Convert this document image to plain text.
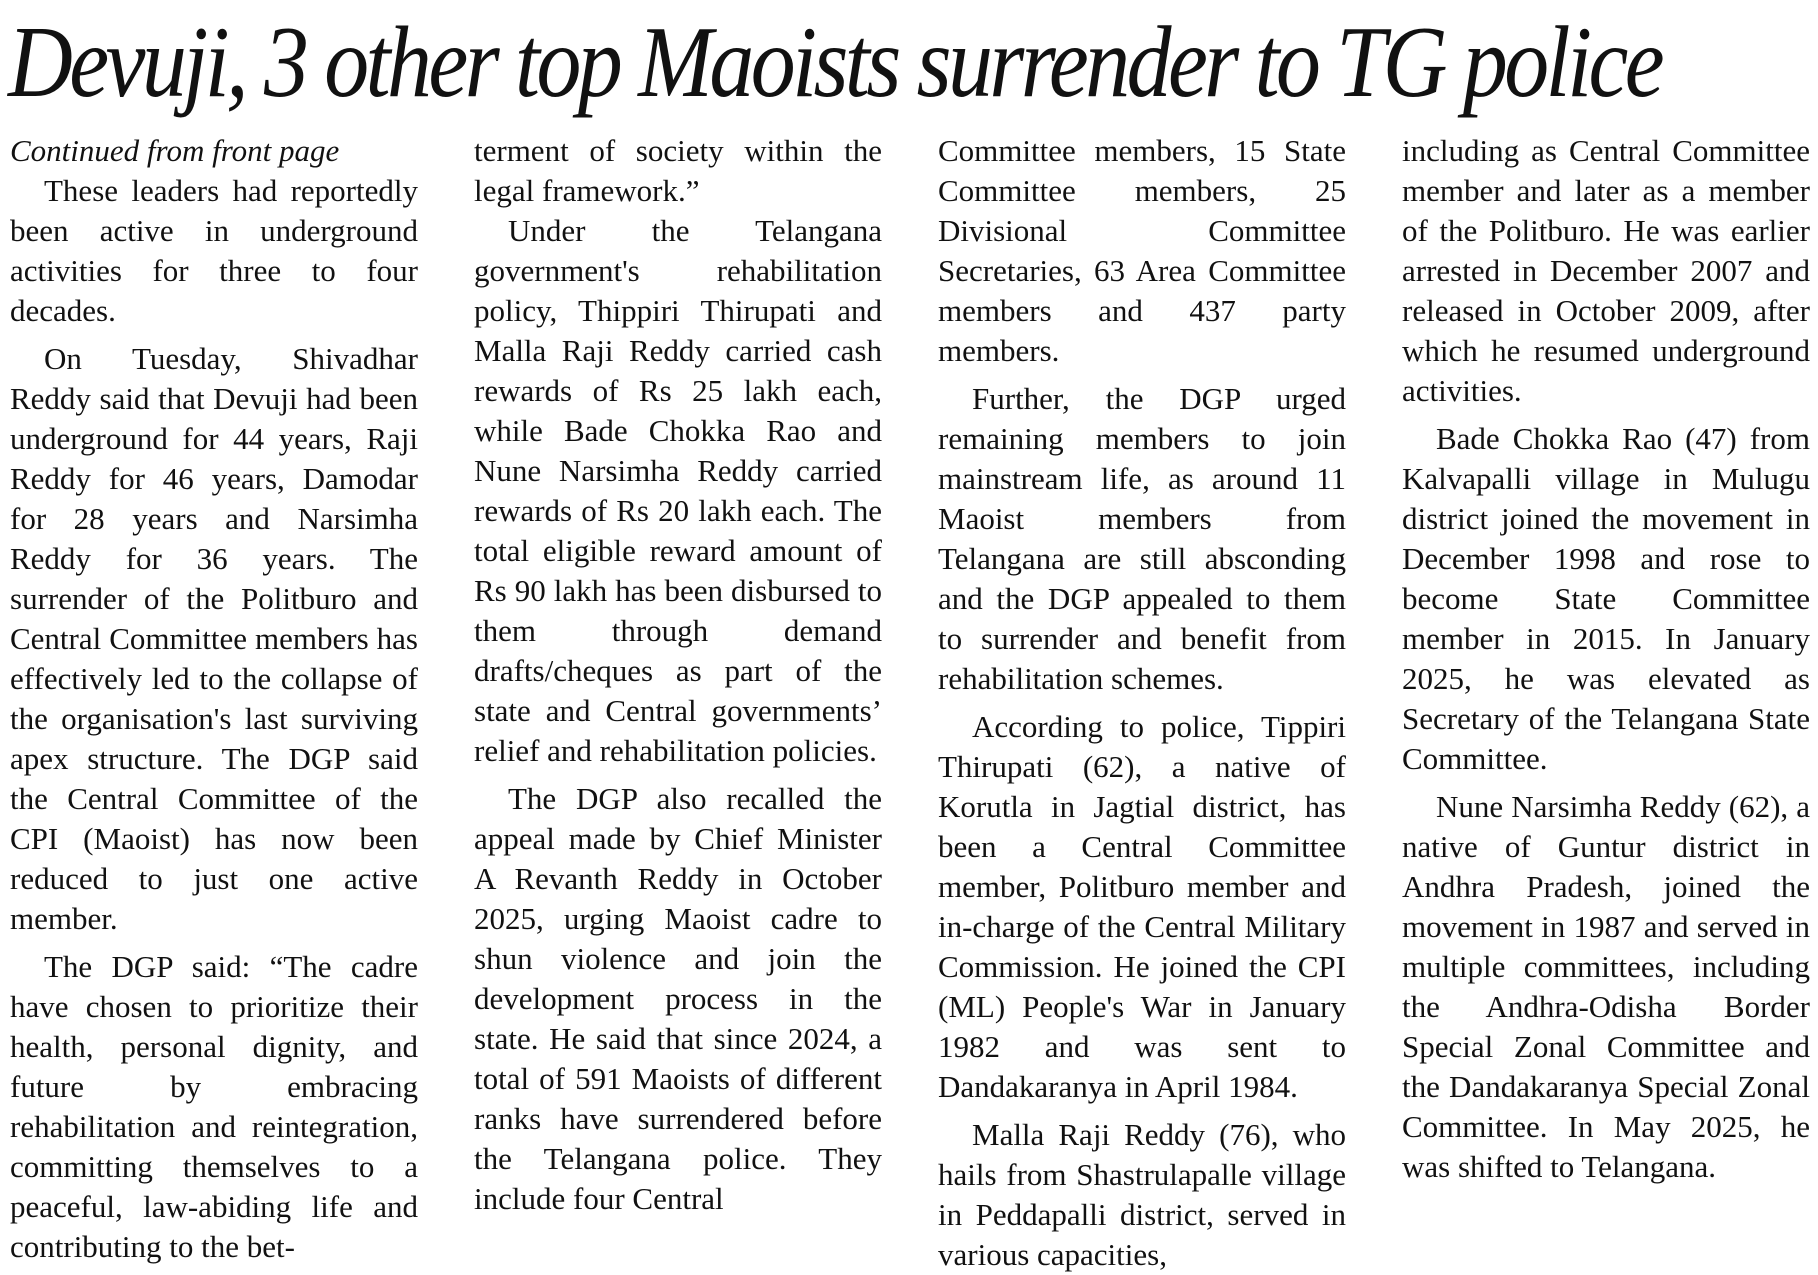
Devuji, 3 other top Maoists surrender to TG police

Continued from front page

These leaders had reportedly been active in underground activities for three to four decades.

On Tuesday, Shivadhar Reddy said that Devuji had been underground for 44 years, Raji Reddy for 46 years, Damodar for 28 years and Narsimha Reddy for 36 years. The surrender of the Politburo and Central Committee members has effectively led to the collapse of the organisation's last surviving apex structure. The DGP said the Central Committee of the CPI (Maoist) has now been reduced to just one active member.

The DGP said: “The cadre have chosen to prioritize their health, personal dignity, and future by embracing rehabilitation and reintegration, committing themselves to a peaceful, law-abiding life and contributing to the bet-

terment of society within the legal framework.”

Under the Telangana government's rehabilitation policy, Thippiri Thirupati and Malla Raji Reddy carried cash rewards of Rs 25 lakh each, while Bade Chokka Rao and Nune Narsimha Reddy carried rewards of Rs 20 lakh each. The total eligible reward amount of Rs 90 lakh has been disbursed to them through demand drafts/cheques as part of the state and Central governments’ relief and rehabilitation policies.

The DGP also recalled the appeal made by Chief Minister A Revanth Reddy in October 2025, urging Maoist cadre to shun violence and join the development process in the state. He said that since 2024, a total of 591 Maoists of different ranks have surrendered before the Telangana police. They include four Central

Committee members, 15 State Committee members, 25 Divisional Committee Secretaries, 63 Area Committee members and 437 party members.

Further, the DGP urged remaining members to join mainstream life, as around 11 Maoist members from Telangana are still absconding and the DGP appealed to them to surrender and benefit from rehabilitation schemes.

According to police, Tippiri Thirupati (62), a native of Korutla in Jagtial district, has been a Central Committee member, Politburo member and in-charge of the Central Military Commission. He joined the CPI (ML) People's War in January 1982 and was sent to Dandakaranya in April 1984.

Malla Raji Reddy (76), who hails from Shastrulapalle village in Peddapalli district, served in various capacities,

including as Central Committee member and later as a member of the Politburo. He was earlier arrested in December 2007 and released in October 2009, after which he resumed underground activities.

Bade Chokka Rao (47) from Kalvapalli village in Mulugu district joined the movement in December 1998 and rose to become State Committee member in 2015. In January 2025, he was elevated as Secretary of the Telangana State Committee.

Nune Narsimha Reddy (62), a native of Guntur district in Andhra Pradesh, joined the movement in 1987 and served in multiple committees, including the Andhra-Odisha Border Special Zonal Committee and the Dandakaranya Special Zonal Committee. In May 2025, he was shifted to Telangana.
